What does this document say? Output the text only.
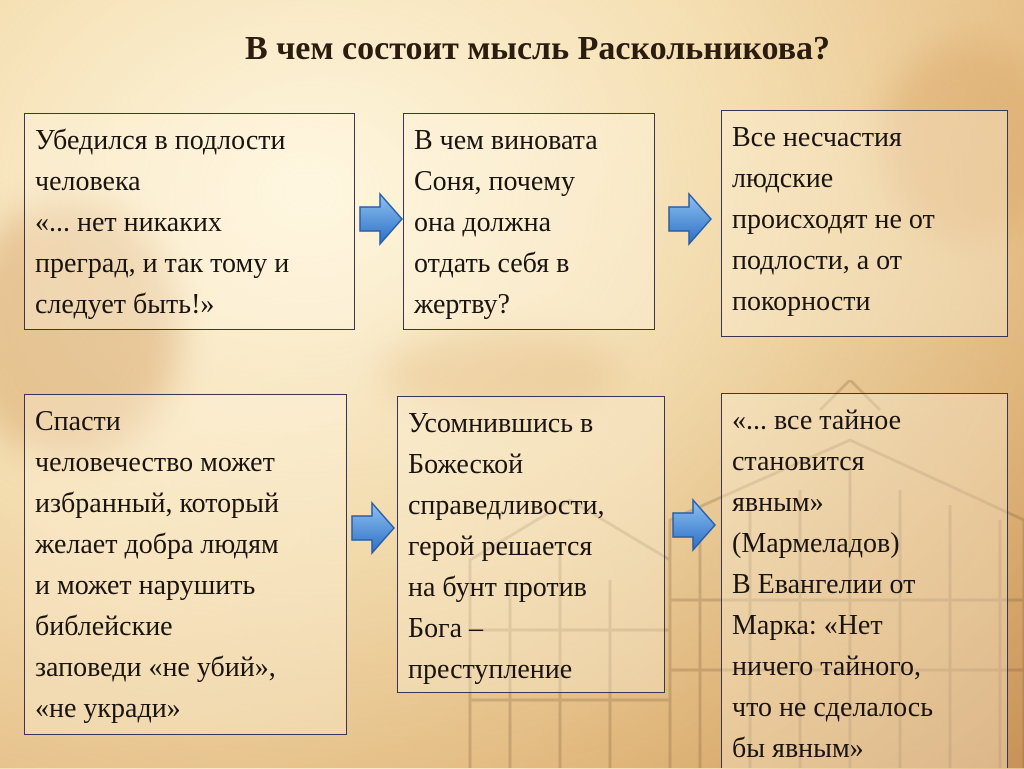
В чем состоит мысль Раскольникова?
Убедился в подлости
человека
«... нет никаких
преград, и так тому и
следует быть!»
В чем виновата
Соня, почему
она должна
отдать себя в
жертву?
Все несчастия
людские
происходят не от
подлости, а от
покорности
Спасти
человечество может
избранный, который
желает добра людям
и может нарушить
библейские
заповеди «не убий»,
«не укради»
Усомнившись в
Божеской
справедливости,
герой решается
на бунт против
Бога –
преступление
«... все тайное
становится
явным»
(Мармеладов)
В Евангелии от
Марка: «Нет
ничего тайного,
что не сделалось
бы явным»
